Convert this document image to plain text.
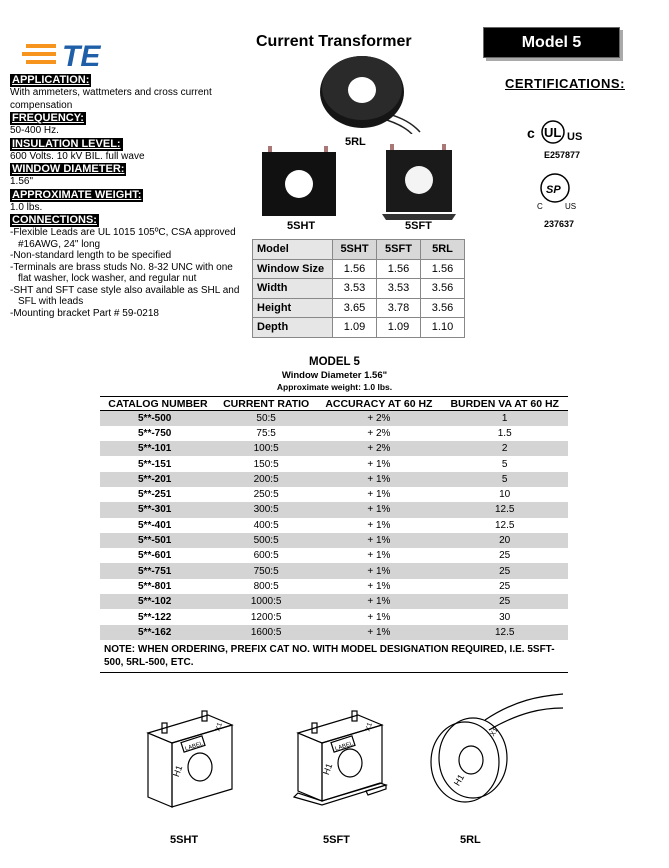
TE	Current Transformer	Model 5
APPLICATION:
With ammeters, wattmeters and cross current
compensation
FREQUENCY:
50-400 Hz.
INSULATION LEVEL:
600 Volts. 10 kV BIL. full wave
WINDOW DIAMETER:
1.56"
APPROXIMATE WEIGHT:
1.0 lbs.
CONNECTIONS:
-Flexible Leads are UL 1015 105ºC, CSA approved
#16AWG, 24" long
-Non-standard length to be specified
-Terminals are brass studs No. 8-32 UNC with one
flat washer, lock washer, and regular nut
-SHT and SFT case style also available as SHL and
SFL with leads
-Mounting bracket Part # 59-0218
5RL
5SHT	5SFT
CERTIFICATIONS:
c UL US
E257877
SP
C	US
237637
Model	5SHT	5SFT	5RL
Window Size	1.56	1.56	1.56
Width	3.53	3.53	3.56
Height	3.65	3.78	3.56
Depth	1.09	1.09	1.10
MODEL 5
Window Diameter 1.56"
Approximate weight: 1.0 lbs.
CATALOG NUMBER	CURRENT RATIO	ACCURACY AT 60 HZ	BURDEN VA AT 60 HZ
5**-500	50:5	+ 2%	1
5**-750	75:5	+ 2%	1.5
5**-101	100:5	+ 2%	2
5**-151	150:5	+ 1%	5
5**-201	200:5	+ 1%	5
5**-251	250:5	+ 1%	10
5**-301	300:5	+ 1%	12.5
5**-401	400:5	+ 1%	12.5
5**-501	500:5	+ 1%	20
5**-601	600:5	+ 1%	25
5**-751	750:5	+ 1%	25
5**-801	800:5	+ 1%	25
5**-102	1000:5	+ 1%	25
5**-122	1200:5	+ 1%	30
5**-162	1600:5	+ 1%	12.5
NOTE: WHEN ORDERING, PREFIX CAT NO. WITH MODEL DESIGNATION REQUIRED, I.E. 5SFT-500, 5RL-500, ETC.
LABEL
H1
X1
5SHT
LABEL
H1
X1
5SFT
H1
X1
5RL
